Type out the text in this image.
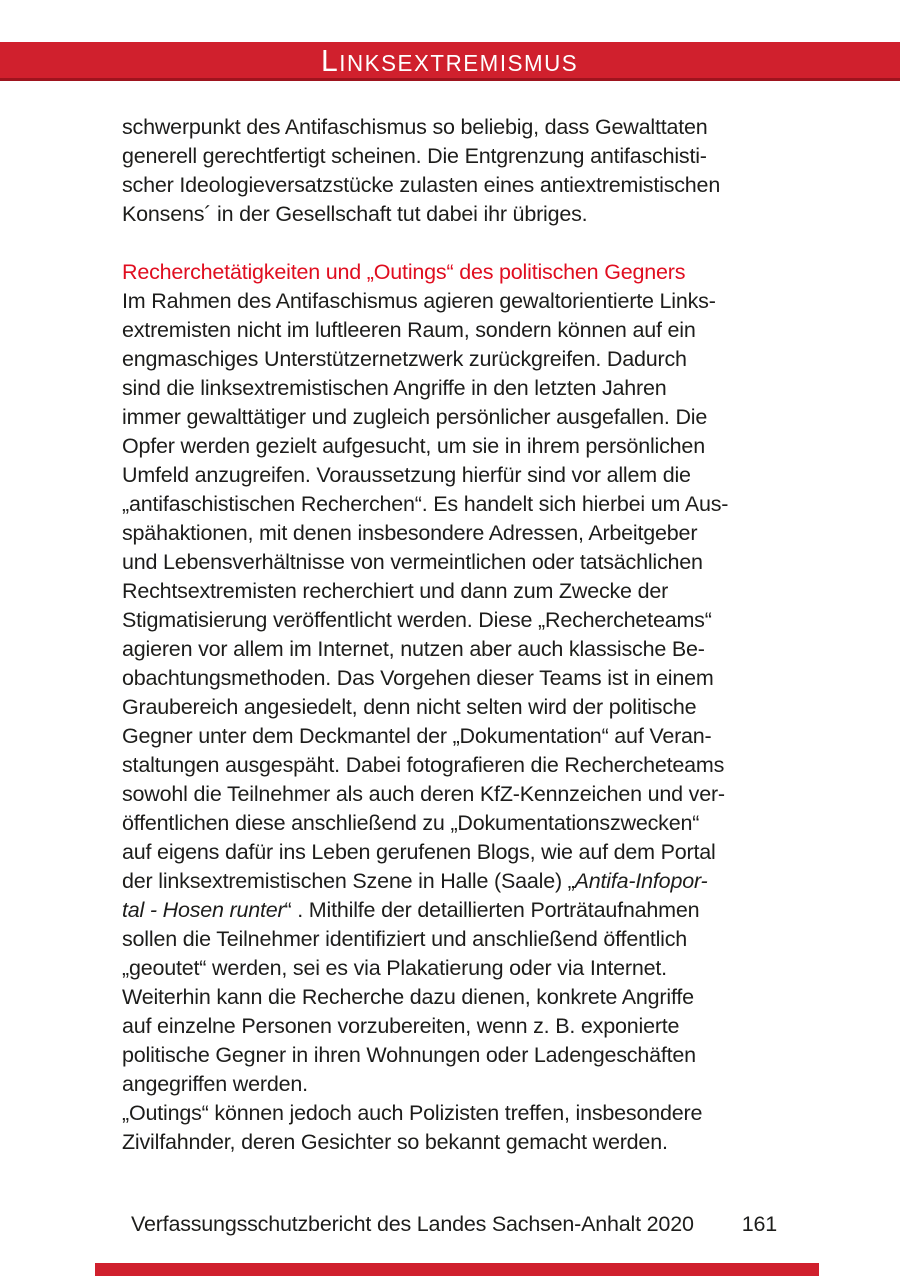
LINKSEXTREMISMUS
schwerpunkt des Antifaschismus so beliebig, dass Gewalttaten
generell gerechtfertigt scheinen. Die Entgrenzung antifaschisti-
scher Ideologieversatzstücke zulasten eines antiextremistischen
Konsens´ in der Gesellschaft tut dabei ihr übriges.
Recherchetätigkeiten und „Outings“ des politischen Gegners
Im Rahmen des Antifaschismus agieren gewaltorientierte Links-
extremisten nicht im luftleeren Raum, sondern können auf ein
engmaschiges Unterstützernetzwerk zurückgreifen. Dadurch
sind die linksextremistischen Angriffe in den letzten Jahren
immer gewalttätiger und zugleich persönlicher ausgefallen. Die
Opfer werden gezielt aufgesucht, um sie in ihrem persönlichen
Umfeld anzugreifen. Voraussetzung hierfür sind vor allem die
„antifaschistischen Recherchen“. Es handelt sich hierbei um Aus-
spähaktionen, mit denen insbesondere Adressen, Arbeitgeber
und Lebensverhältnisse von vermeintlichen oder tatsächlichen
Rechtsextremisten recherchiert und dann zum Zwecke der
Stigmatisierung veröffentlicht werden. Diese „Rechercheteams“
agieren vor allem im Internet, nutzen aber auch klassische Be-
obachtungsmethoden. Das Vorgehen dieser Teams ist in einem
Graubereich angesiedelt, denn nicht selten wird der politische
Gegner unter dem Deckmantel der „Dokumentation“ auf Veran-
staltungen ausgespäht. Dabei fotografieren die Rechercheteams
sowohl die Teilnehmer als auch deren KfZ-Kennzeichen und ver-
öffentlichen diese anschließend zu „Dokumentationszwecken“
auf eigens dafür ins Leben gerufenen Blogs, wie auf dem Portal
der linksextremistischen Szene in Halle (Saale) „Antifa-Infopor-
tal - Hosen runter“ . Mithilfe der detaillierten Porträtaufnahmen
sollen die Teilnehmer identifiziert und anschließend öffentlich
„geoutet“ werden, sei es via Plakatierung oder via Internet.
Weiterhin kann die Recherche dazu dienen, konkrete Angriffe
auf einzelne Personen vorzubereiten, wenn z. B. exponierte
politische Gegner in ihren Wohnungen oder Ladengeschäften
angegriffen werden.
„Outings“ können jedoch auch Polizisten treffen, insbesondere
Zivilfahnder, deren Gesichter so bekannt gemacht werden.
Verfassungsschutzbericht des Landes Sachsen-Anhalt 2020 161
